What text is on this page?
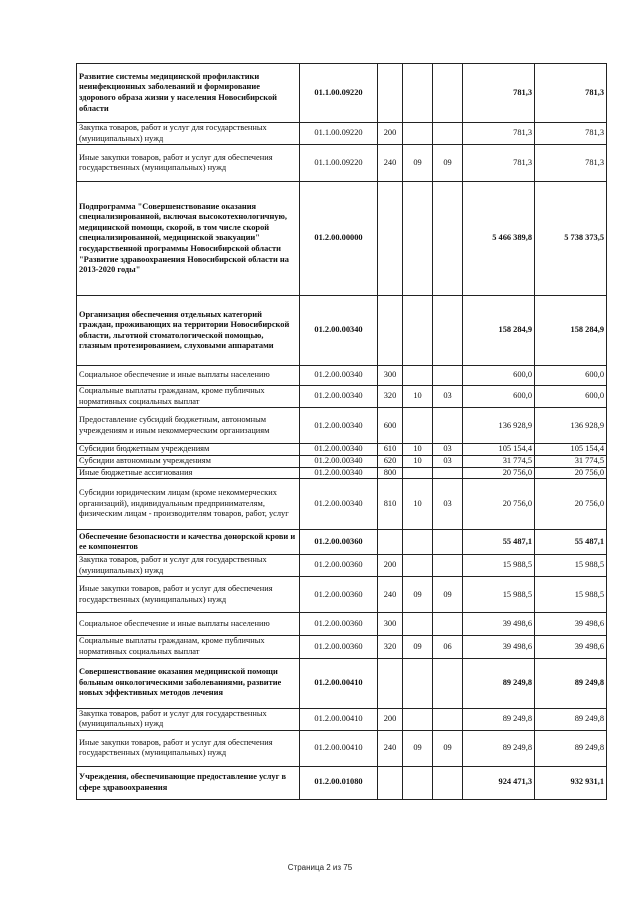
Развитие системы медицинской профилактики неинфекционных заболеваний и формирование здорового образа жизни у населения Новосибирской области	01.1.00.09220				781,3	781,3
Закупка товаров, работ и услуг для государственных (муниципальных) нужд	01.1.00.09220	200			781,3	781,3
Иные закупки товаров, работ и услуг для обеспечения государственных (муниципальных) нужд	01.1.00.09220	240	09	09	781,3	781,3
Подпрограмма "Совершенствование оказания специализированной, включая высокотехнологичную, медицинской помощи, скорой, в том числе скорой специализированной, медицинской эвакуации" государственной программы Новосибирской области "Развитие здравоохранения Новосибирской области на 2013-2020 годы"	01.2.00.00000				5 466 389,8	5 738 373,5
Организация обеспечения отдельных категорий граждан, проживающих на территории Новосибирской области, льготной стоматологической помощью, глазным протезированием, слуховыми аппаратами	01.2.00.00340				158 284,9	158 284,9
Социальное обеспечение и иные выплаты населению	01.2.00.00340	300			600,0	600,0
Социальные выплаты гражданам, кроме публичных нормативных социальных выплат	01.2.00.00340	320	10	03	600,0	600,0
Предоставление субсидий бюджетным, автономным учреждениям и иным некоммерческим организациям	01.2.00.00340	600			136 928,9	136 928,9
Субсидии бюджетным учреждениям	01.2.00.00340	610	10	03	105 154,4	105 154,4
Субсидии автономным учреждениям	01.2.00.00340	620	10	03	31 774,5	31 774,5
Иные бюджетные ассигнования	01.2.00.00340	800			20 756,0	20 756,0
Субсидии юридическим лицам (кроме некоммерческих организаций), индивидуальным предпринимателям, физическим лицам - производителям товаров, работ, услуг	01.2.00.00340	810	10	03	20 756,0	20 756,0
Обеспечение безопасности и качества донорской крови и ее компонентов	01.2.00.00360				55 487,1	55 487,1
Закупка товаров, работ и услуг для государственных (муниципальных) нужд	01.2.00.00360	200			15 988,5	15 988,5
Иные закупки товаров, работ и услуг для обеспечения государственных (муниципальных) нужд	01.2.00.00360	240	09	09	15 988,5	15 988,5
Социальное обеспечение и иные выплаты населению	01.2.00.00360	300			39 498,6	39 498,6
Социальные выплаты гражданам, кроме публичных нормативных социальных выплат	01.2.00.00360	320	09	06	39 498,6	39 498,6
Совершенствование оказания медицинской помощи больным онкологическими заболеваниями, развитие новых эффективных методов лечения	01.2.00.00410				89 249,8	89 249,8
Закупка товаров, работ и услуг для государственных (муниципальных) нужд	01.2.00.00410	200			89 249,8	89 249,8
Иные закупки товаров, работ и услуг для обеспечения государственных (муниципальных) нужд	01.2.00.00410	240	09	09	89 249,8	89 249,8
Учреждения, обеспечивающие предоставление услуг в сфере здравоохранения	01.2.00.01080				924 471,3	932 931,1
Страница 2 из 75
